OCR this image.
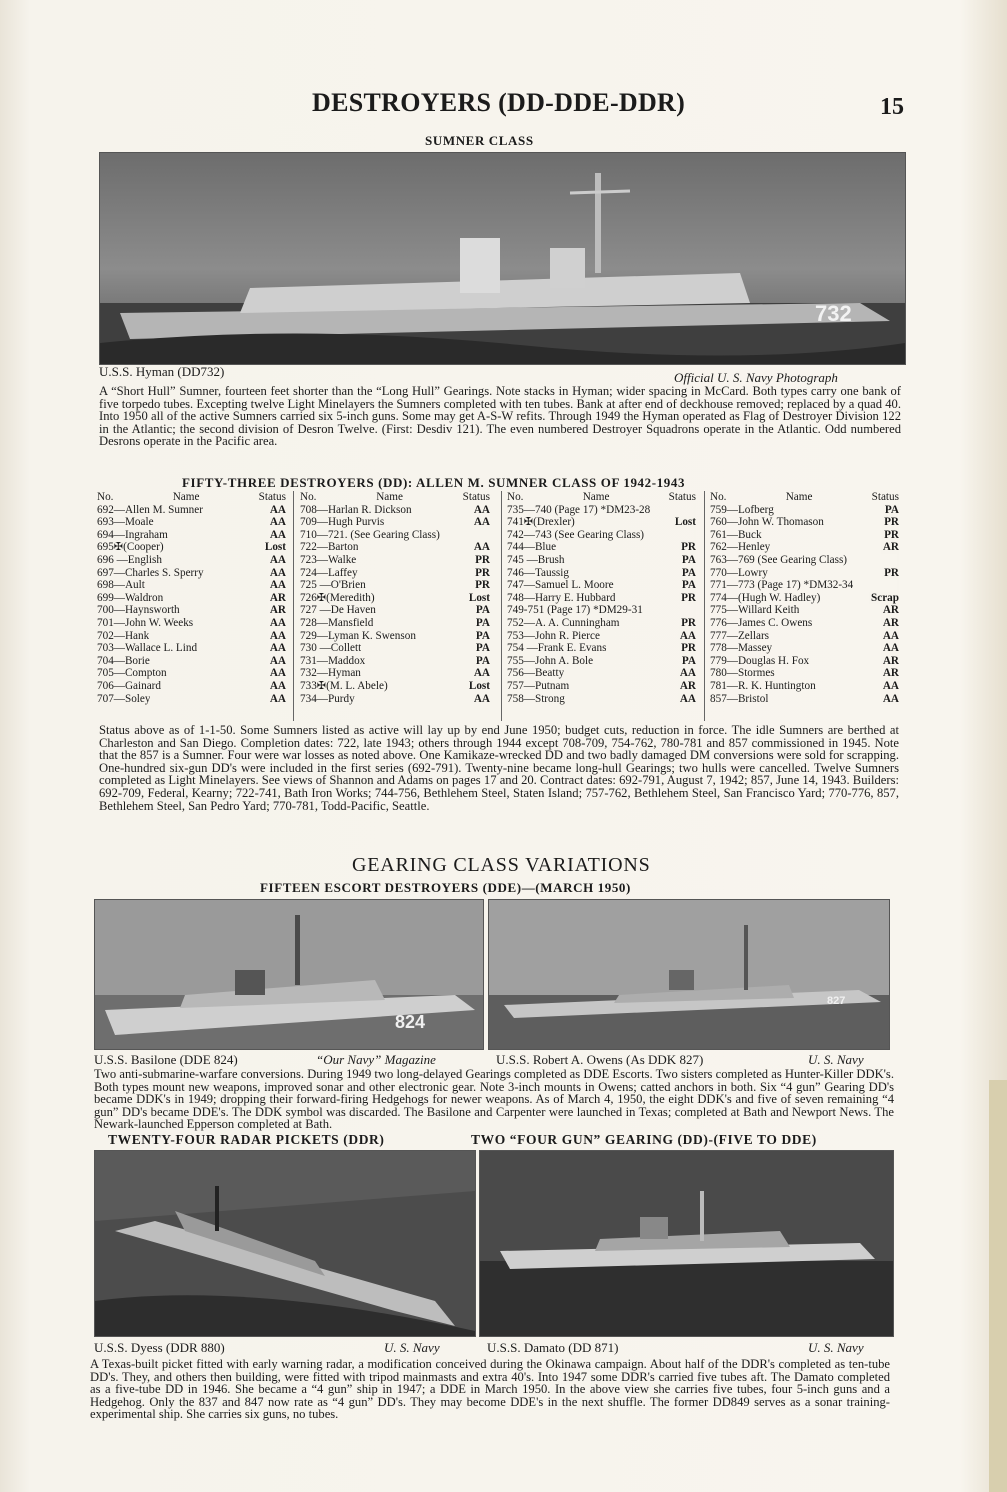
DESTROYERS (DD-DDE-DDR)	15
SUMNER CLASS
732
U.S.S. Hyman (DD732)	Official U. S. Navy Photograph
A “Short Hull” Sumner, fourteen feet shorter than the “Long Hull” Gearings. Note stacks in Hyman; wider spacing in McCard. Both types carry one bank of five torpedo tubes. Excepting twelve Light Minelayers the Sumners completed with ten tubes. Bank at after end of deckhouse removed; replaced by a quad 40. Into 1950 all of the active Sumners carried six 5-inch guns. Some may get A-S-W refits. Through 1949 the Hyman operated as Flag of Destroyer Division 122 in the Atlantic; the second division of Desron Twelve. (First: Desdiv 121). The even numbered Destroyer Squadrons operate in the Atlantic. Odd numbered Desrons operate in the Pacific area.
FIFTY-THREE DESTROYERS (DD): ALLEN M. SUMNER CLASS OF 1942-1943
No.	Name	Status
692—Allen M. Sumner	AA
693—Moale	AA
694—Ingraham	AA
695✠(Cooper)	Lost
696 —English	AA
697—Charles S. Sperry	AA
698—Ault	AA
699—Waldron	AR
700—Haynsworth	AR
701—John W. Weeks	AA
702—Hank	AA
703—Wallace L. Lind	AA
704—Borie	AA
705—Compton	AA
706—Gainard	AA
707—Soley	AA
No.	Name	Status
708—Harlan R. Dickson	AA
709—Hugh Purvis	AA
710—721. (See Gearing Class)
722—Barton	AA
723—Walke	PR
724—Laffey	PR
725 —O'Brien	PR
726✠(Meredith)	Lost
727 —De Haven	PA
728—Mansfield	PA
729—Lyman K. Swenson	PA
730 —Collett	PA
731—Maddox	PA
732—Hyman	AA
733✠(M. L. Abele)	Lost
734—Purdy	AA
No.	Name	Status
735—740 (Page 17) *DM23-28
741✠(Drexler)	Lost
742—743 (See Gearing Class)
744—Blue	PR
745 —Brush	PA
746—Taussig	PA
747—Samuel L. Moore	PA
748—Harry E. Hubbard	PR
749-751 (Page 17) *DM29-31
752—A. A. Cunningham	PR
753—John R. Pierce	AA
754 —Frank E. Evans	PR
755—John A. Bole	PA
756—Beatty	AA
757—Putnam	AR
758—Strong	AA
No.	Name	Status
759—Lofberg	PA
760—John W. Thomason	PR
761—Buck	PR
762—Henley	AR
763—769 (See Gearing Class)
770—Lowry	PR
771—773 (Page 17) *DM32-34
774—(Hugh W. Hadley)	Scrap
775—Willard Keith	AR
776—James C. Owens	AR
777—Zellars	AA
778—Massey	AA
779—Douglas H. Fox	AR
780—Stormes	AR
781—R. K. Huntington	AA
857—Bristol	AA
Status above as of 1-1-50. Some Sumners listed as active will lay up by end June 1950; budget cuts, reduction in force. The idle Sumners are berthed at Charleston and San Diego. Completion dates: 722, late 1943; others through 1944 except 708-709, 754-762, 780-781 and 857 commissioned in 1945. Note that the 857 is a Sumner. Four were war losses as noted above. One Kamikaze-wrecked DD and two badly damaged DM conversions were sold for scrapping. One-hundred six-gun DD's were included in the first series (692-791). Twenty-nine became long-hull Gearings; two hulls were cancelled. Twelve Sumners completed as Light Minelayers. See views of Shannon and Adams on pages 17 and 20. Contract dates: 692-791, August 7, 1942; 857, June 14, 1943. Builders: 692-709, Federal, Kearny; 722-741, Bath Iron Works; 744-756, Bethlehem Steel, Staten Island; 757-762, Bethlehem Steel, San Francisco Yard; 770-776, 857, Bethlehem Steel, San Pedro Yard; 770-781, Todd-Pacific, Seattle.
GEARING CLASS VARIATIONS
FIFTEEN ESCORT DESTROYERS (DDE)—(MARCH 1950)
824
827
U.S.S. Basilone (DDE 824)	“Our Navy” Magazine	U.S.S. Robert A. Owens (As DDK 827)	U. S. Navy
Two anti-submarine-warfare conversions. During 1949 two long-delayed Gearings completed as DDE Escorts. Two sisters completed as Hunter-Killer DDK's. Both types mount new weapons, improved sonar and other electronic gear. Note 3-inch mounts in Owens; catted anchors in both. Six “4 gun” Gearing DD's became DDK's in 1949; dropping their forward-firing Hedgehogs for newer weapons. As of March 4, 1950, the eight DDK's and five of seven remaining “4 gun” DD's became DDE's. The DDK symbol was discarded. The Basilone and Carpenter were launched in Texas; completed at Bath and Newport News. The Newark-launched Epperson completed at Bath.
TWENTY-FOUR RADAR PICKETS (DDR)	TWO “FOUR GUN” GEARING (DD)-(FIVE TO DDE)
U.S.S. Dyess (DDR 880)	U. S. Navy	U.S.S. Damato (DD 871)	U. S. Navy
A Texas-built picket fitted with early warning radar, a modification conceived during the Okinawa campaign. About half of the DDR's completed as ten-tube DD's. They, and others then building, were fitted with tripod mainmasts and extra 40's. Into 1947 some DDR's carried five tubes aft. The Damato completed as a five-tube DD in 1946. She became a “4 gun” ship in 1947; a DDE in March 1950. In the above view she carries five tubes, four 5-inch guns and a Hedgehog. Only the 837 and 847 now rate as “4 gun” DD's. They may become DDE's in the next shuffle. The former DD849 serves as a sonar training-experimental ship. She carries six guns, no tubes.
